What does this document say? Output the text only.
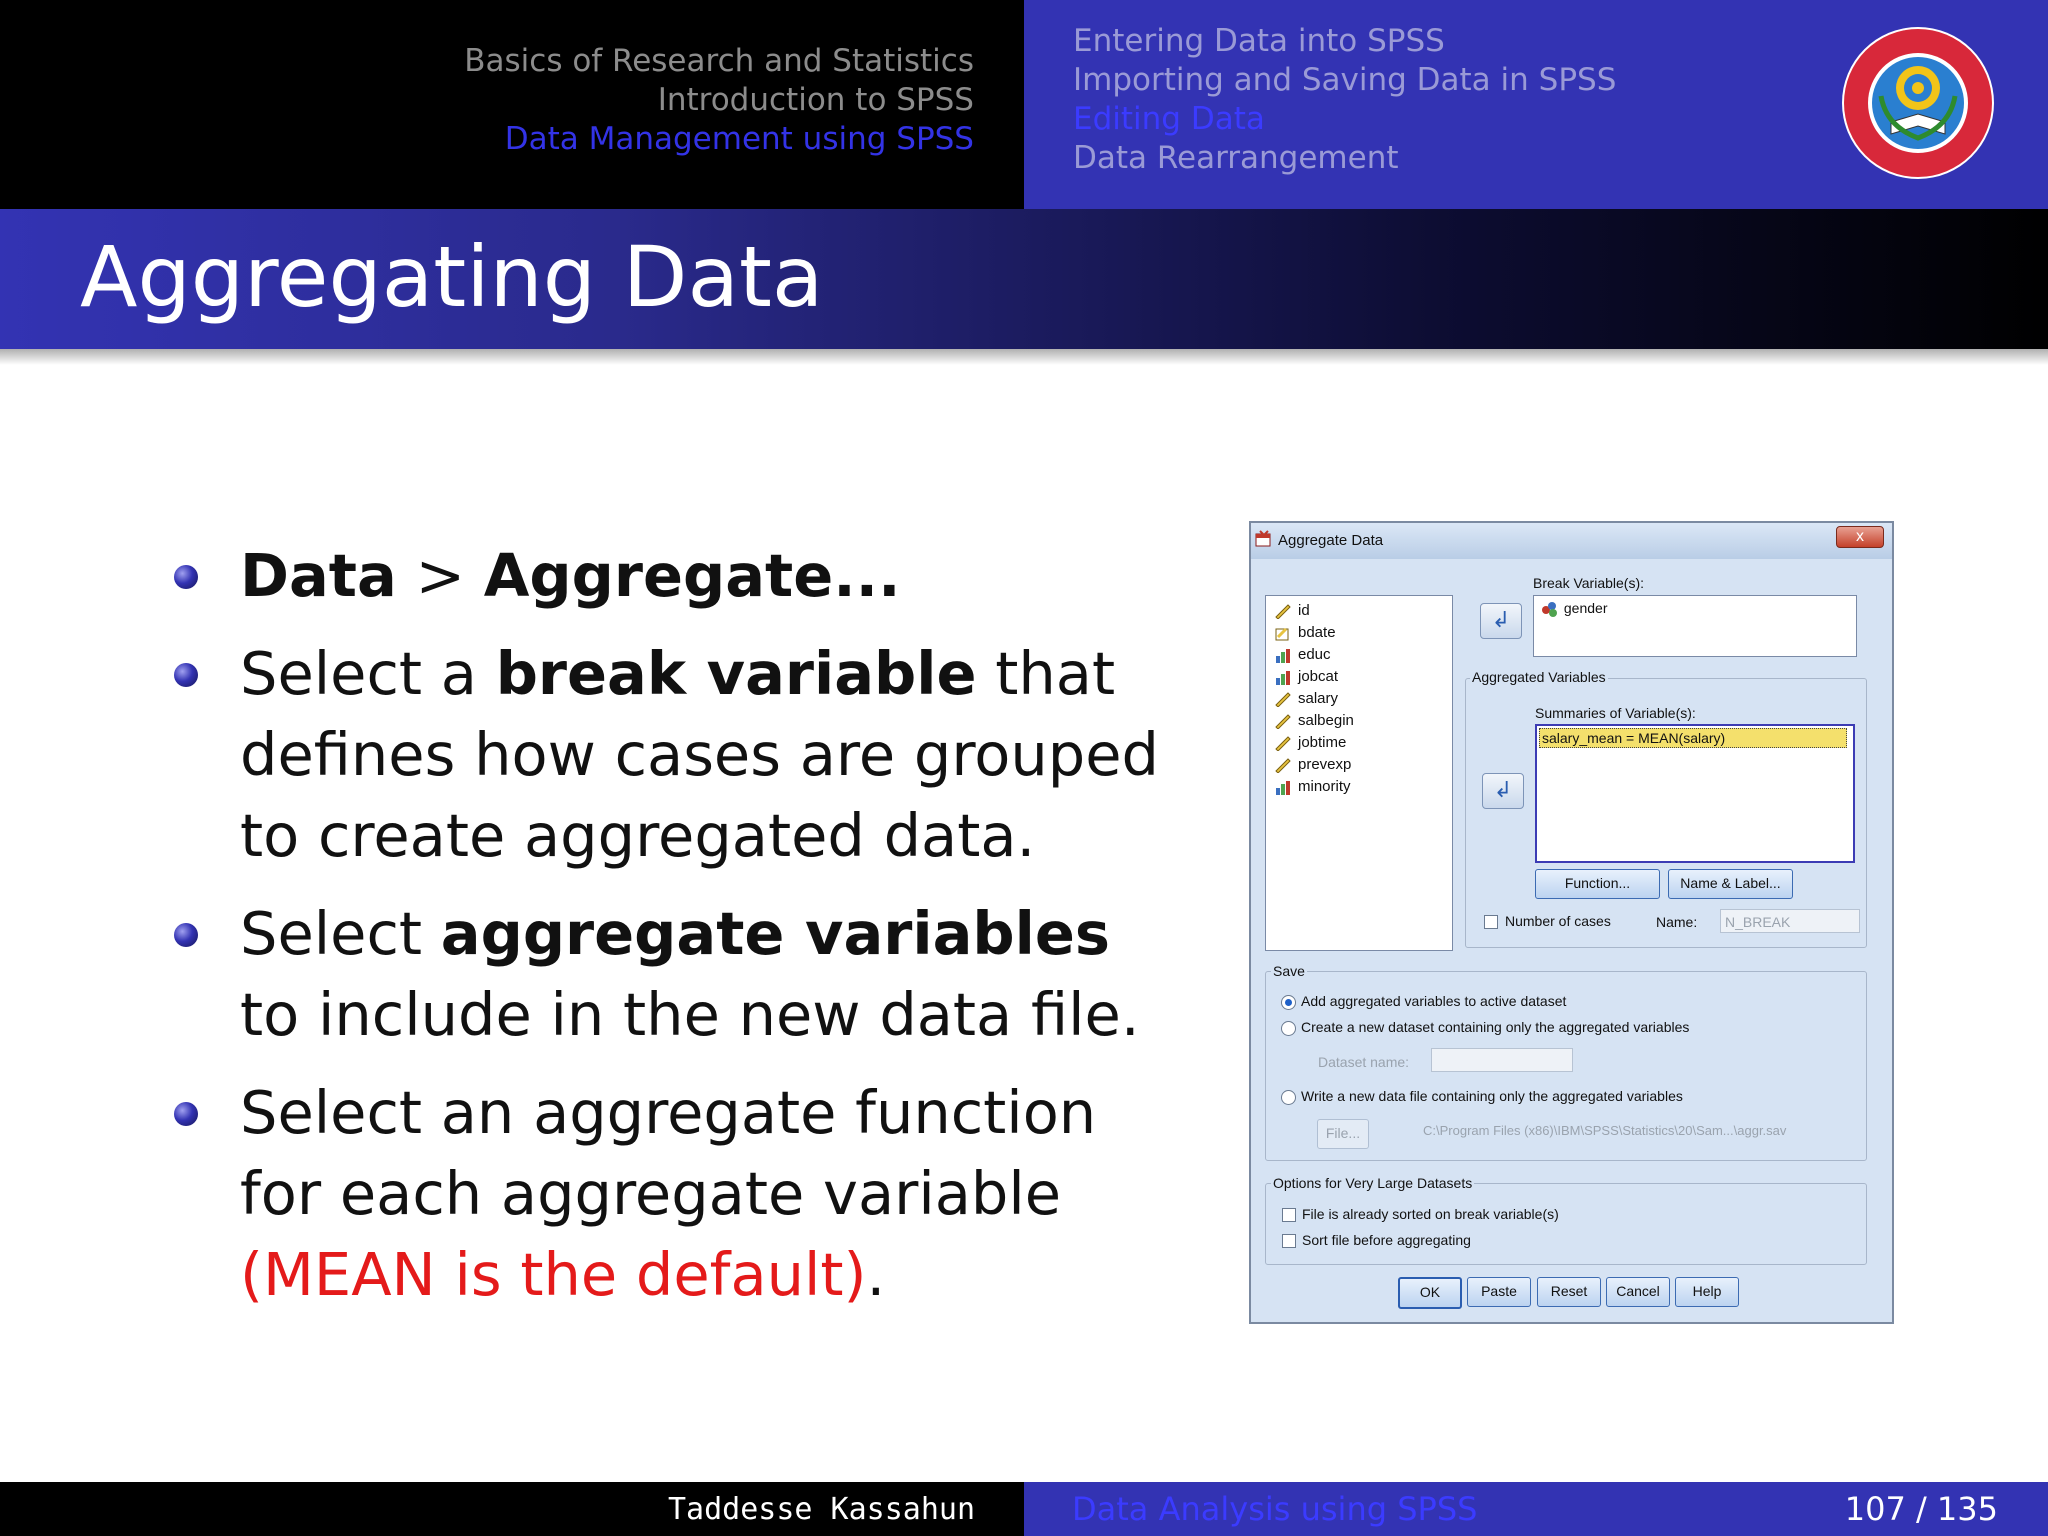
Basics of Research and Statistics
Introduction to SPSS
Data Management using SPSS
Entering Data into SPSS
Importing and Saving Data in SPSS
Editing Data
Data Rearrangement
Aggregating Data
Data > Aggregate...
Select a break variable that defines how cases are grouped to create aggregated data.
Select aggregate variables to include in the new data file.
Select an aggregate function for each aggregate variable (MEAN is the default).
Aggregate Data	x
id
bdate
educ
jobcat
salary
salbegin
jobtime
prevexp
minority
Break Variable(s):
↲	gender
Aggregated Variables
Summaries of Variable(s):
↲
salary_mean = MEAN(salary)
Function...	Name & Label...
Number of cases	Name:	N_BREAK
Save
Add aggregated variables to active dataset
Create a new dataset containing only the aggregated variables
Dataset name:
Write a new data file containing only the aggregated variables
File...	C:\Program Files (x86)\IBM\SPSS\Statistics\20\Sam...\aggr.sav
Options for Very Large Datasets
File is already sorted on break variable(s)
Sort file before aggregating
OK	Paste	Reset	Cancel	Help
Taddesse Kassahun	Data Analysis using SPSS	107 / 135
